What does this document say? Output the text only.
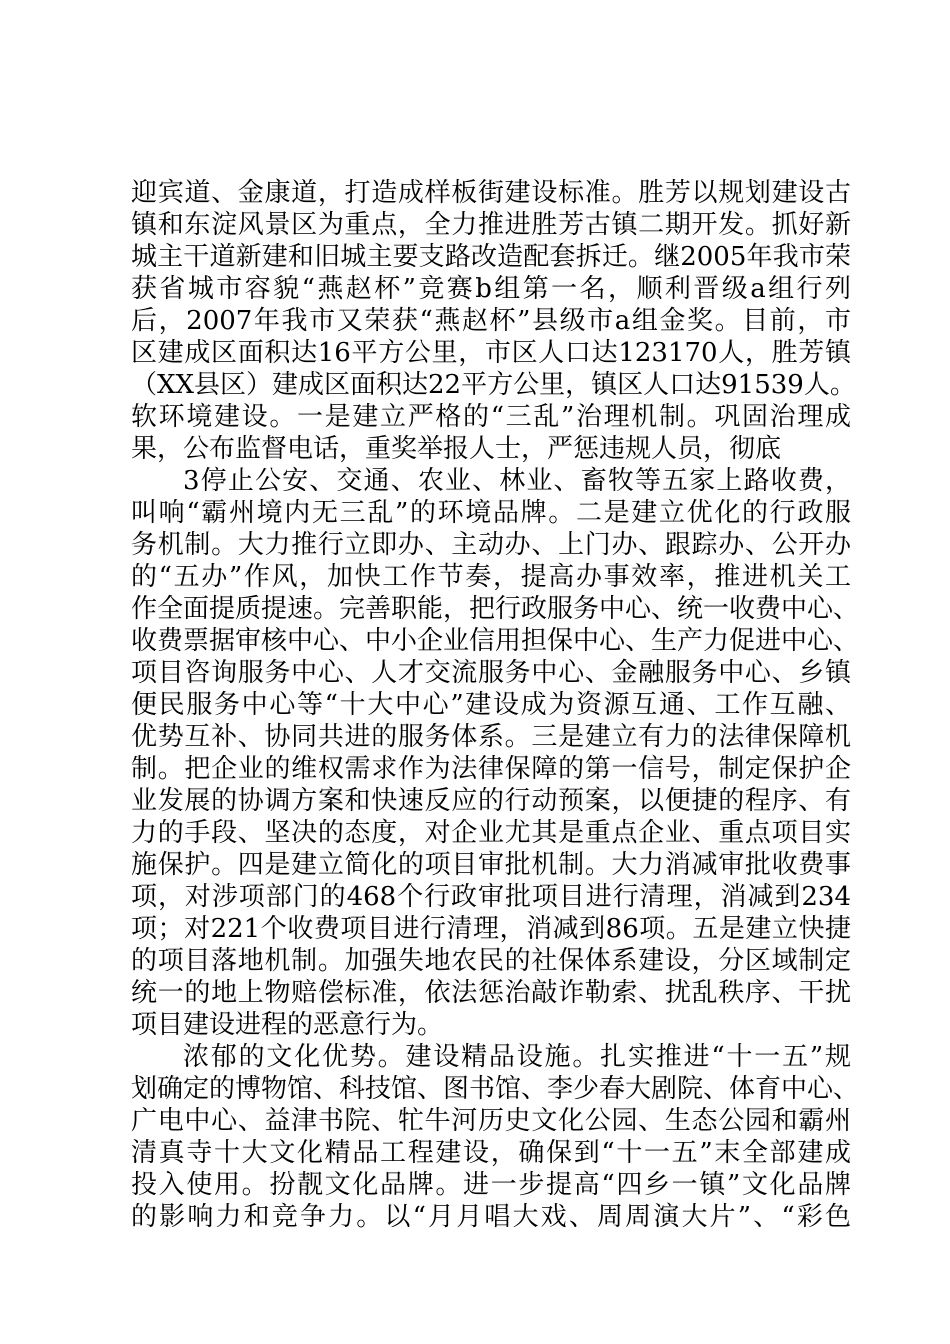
迎宾道、金康道，打造成样板街建设标准。胜芳以规划建设古
镇和东淀风景区为重点，全力推进胜芳古镇二期开发。抓好新
城主干道新建和旧城主要支路改造配套拆迁。继2005年我市荣
获省城市容貌“燕赵杯”竞赛b组第一名，顺利晋级a组行列
后，2007年我市又荣获“燕赵杯”县级市a组金奖。目前，市
区建成区面积达16平方公里，市区人口达123170人，胜芳镇
（XX县区）建成区面积达22平方公里，镇区人口达91539人。
软环境建设。一是建立严格的“三乱”治理机制。巩固治理成
果，公布监督电话，重奖举报人士，严惩违规人员，彻底
3停止公安、交通、农业、林业、畜牧等五家上路收费，
叫响“霸州境内无三乱”的环境品牌。二是建立优化的行政服
务机制。大力推行立即办、主动办、上门办、跟踪办、公开办
的“五办”作风，加快工作节奏，提高办事效率，推进机关工
作全面提质提速。完善职能，把行政服务中心、统一收费中心、
收费票据审核中心、中小企业信用担保中心、生产力促进中心、
项目咨询服务中心、人才交流服务中心、金融服务中心、乡镇
便民服务中心等“十大中心”建设成为资源互通、工作互融、
优势互补、协同共进的服务体系。三是建立有力的法律保障机
制。把企业的维权需求作为法律保障的第一信号，制定保护企
业发展的协调方案和快速反应的行动预案，以便捷的程序、有
力的手段、坚决的态度，对企业尤其是重点企业、重点项目实
施保护。四是建立简化的项目审批机制。大力消减审批收费事
项，对涉项部门的468个行政审批项目进行清理，消减到234
项；对221个收费项目进行清理，消减到86项。五是建立快捷
的项目落地机制。加强失地农民的社保体系建设，分区域制定
统一的地上物赔偿标准，依法惩治敲诈勒索、扰乱秩序、干扰
项目建设进程的恶意行为。
浓郁的文化优势。建设精品设施。扎实推进“十一五”规
划确定的博物馆、科技馆、图书馆、李少春大剧院、体育中心、
广电中心、益津书院、牤牛河历史文化公园、生态公园和霸州
清真寺十大文化精品工程建设，确保到“十一五”末全部建成
投入使用。扮靓文化品牌。进一步提高“四乡一镇”文化品牌
的影响力和竞争力。以“月月唱大戏、周周演大片”、“彩色
